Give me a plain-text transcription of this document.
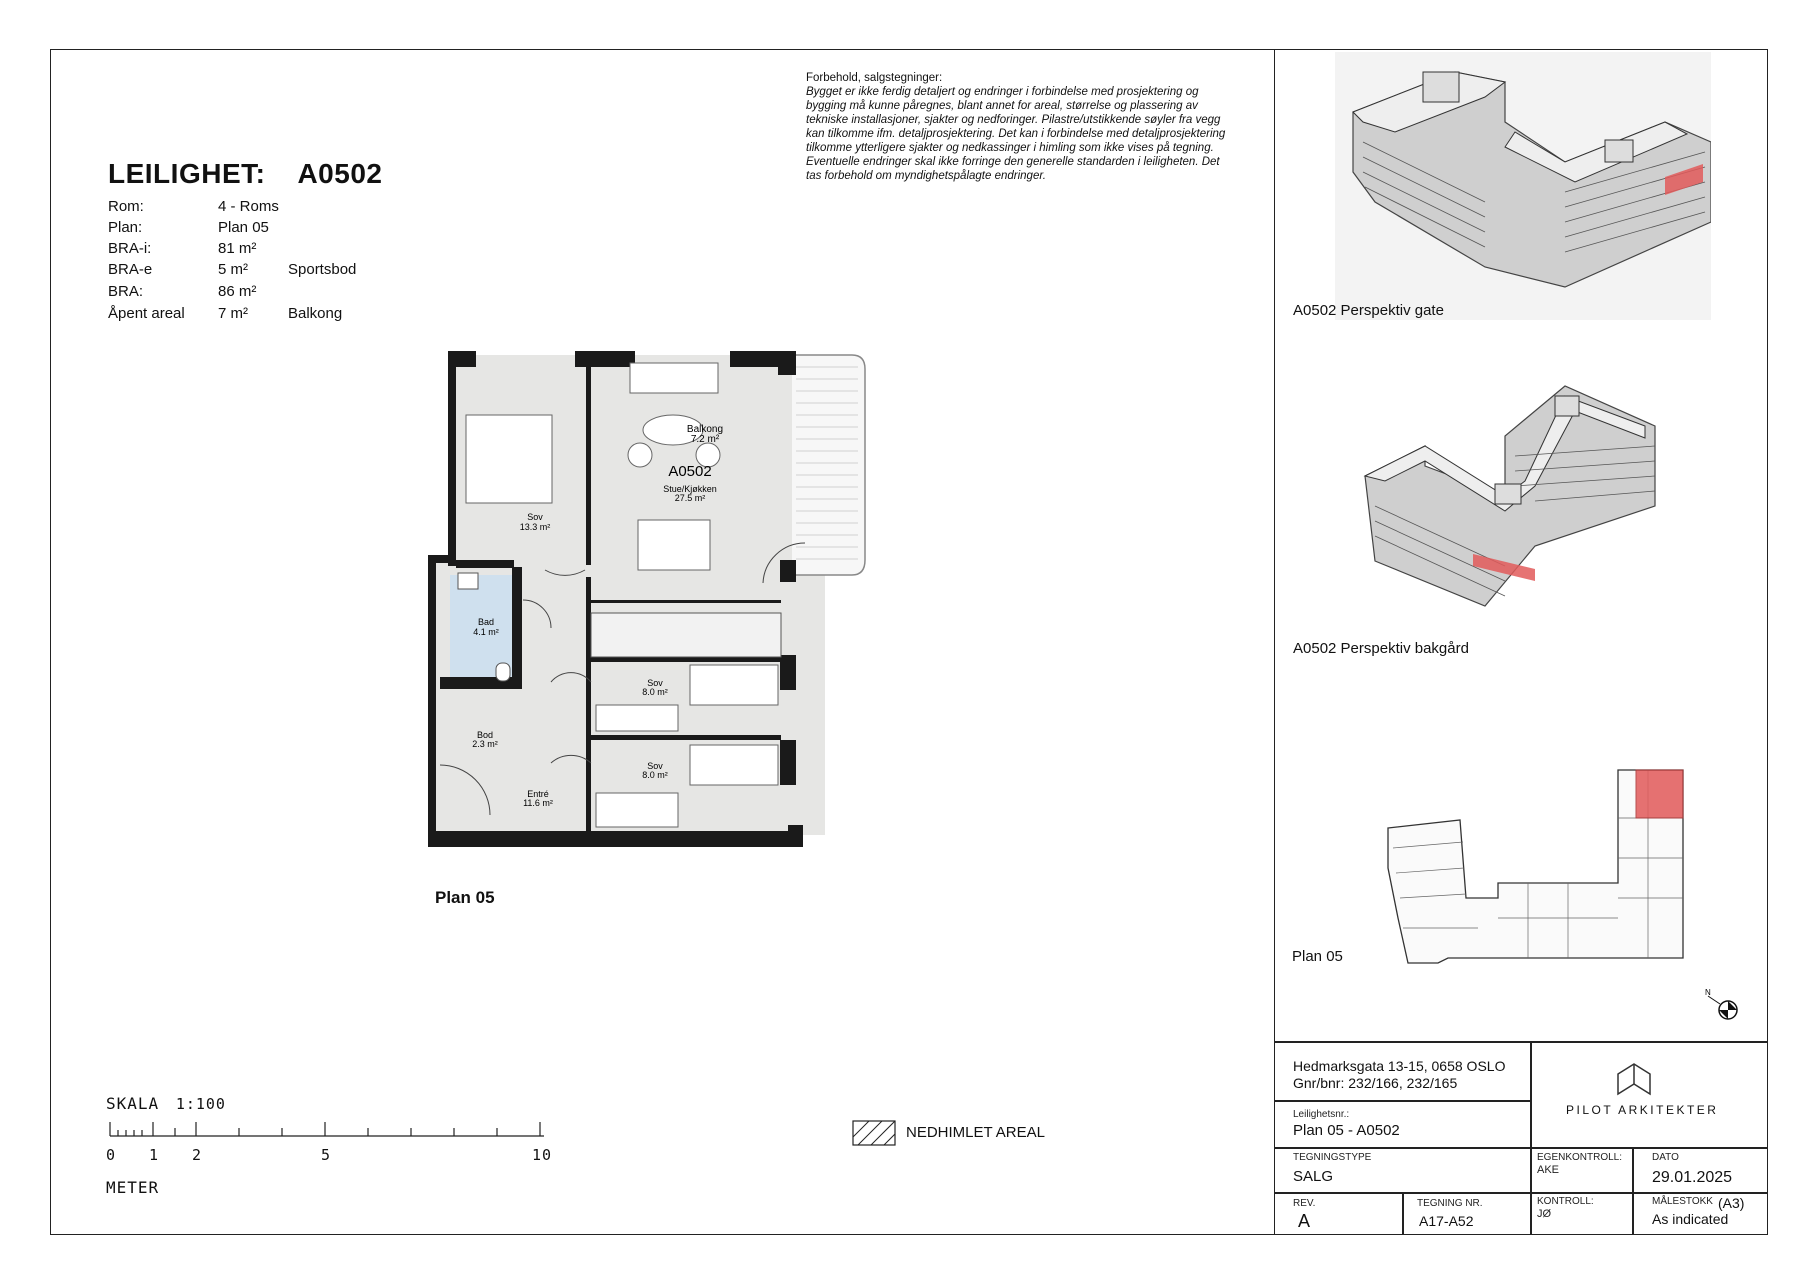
LEILIGHET: A0502
Rom:	4 - Roms
Plan:	Plan 05
BRA-i:	81 m²
BRA-e	5 m²	Sportsbod
BRA:	86 m²
Åpent areal 7 m²	Balkong
Forbehold, salgstegninger:
Bygget er ikke ferdig detaljert og endringer i forbindelse med prosjektering og
bygging må kunne påregnes, blant annet for areal, størrelse og plassering av
tekniske installasjoner, sjakter og nedforinger. Pilastre/utstikkende søyler fra vegg
kan tilkomme ifm. detaljprosjektering. Det kan i forbindelse med detaljprosjektering
tilkomme ytterligere sjakter og nedkassinger i himling som ikke vises på tegning.
Eventuelle endringer skal ikke forringe den generelle standarden i leiligheten. Det
tas forbehold om myndighetspålagte endringer.
Balkong
7.2 m²
A0502
Stue/Kjøkken
27.5 m²
Sov
13.3 m²
Bad
4.1 m²
Sov
8.0 m²
Bod
2.3 m²
Entré
11.6 m²
Sov
8.0 m²
Plan 05
SKALA 1:100
0 1 2	5	10
METER
NEDHIMLET AREAL
A0502 Perspektiv gate
A0502 Perspektiv bakgård
Plan 05
N
Hedmarksgata 13-15, 0658 OSLO
Gnr/bnr: 232/166, 232/165
Leilighetsnr.:
Plan 05 - A0502
PILOT ARKITEKTER
TEGNINGSTYPE
SALG
EGENKONTROLL:
AKE
DATO
29.01.2025
REV.
A
TEGNING NR.
A17-A52
KONTROLL:
JØ
MÅLESTOKK (A3)
As indicated
